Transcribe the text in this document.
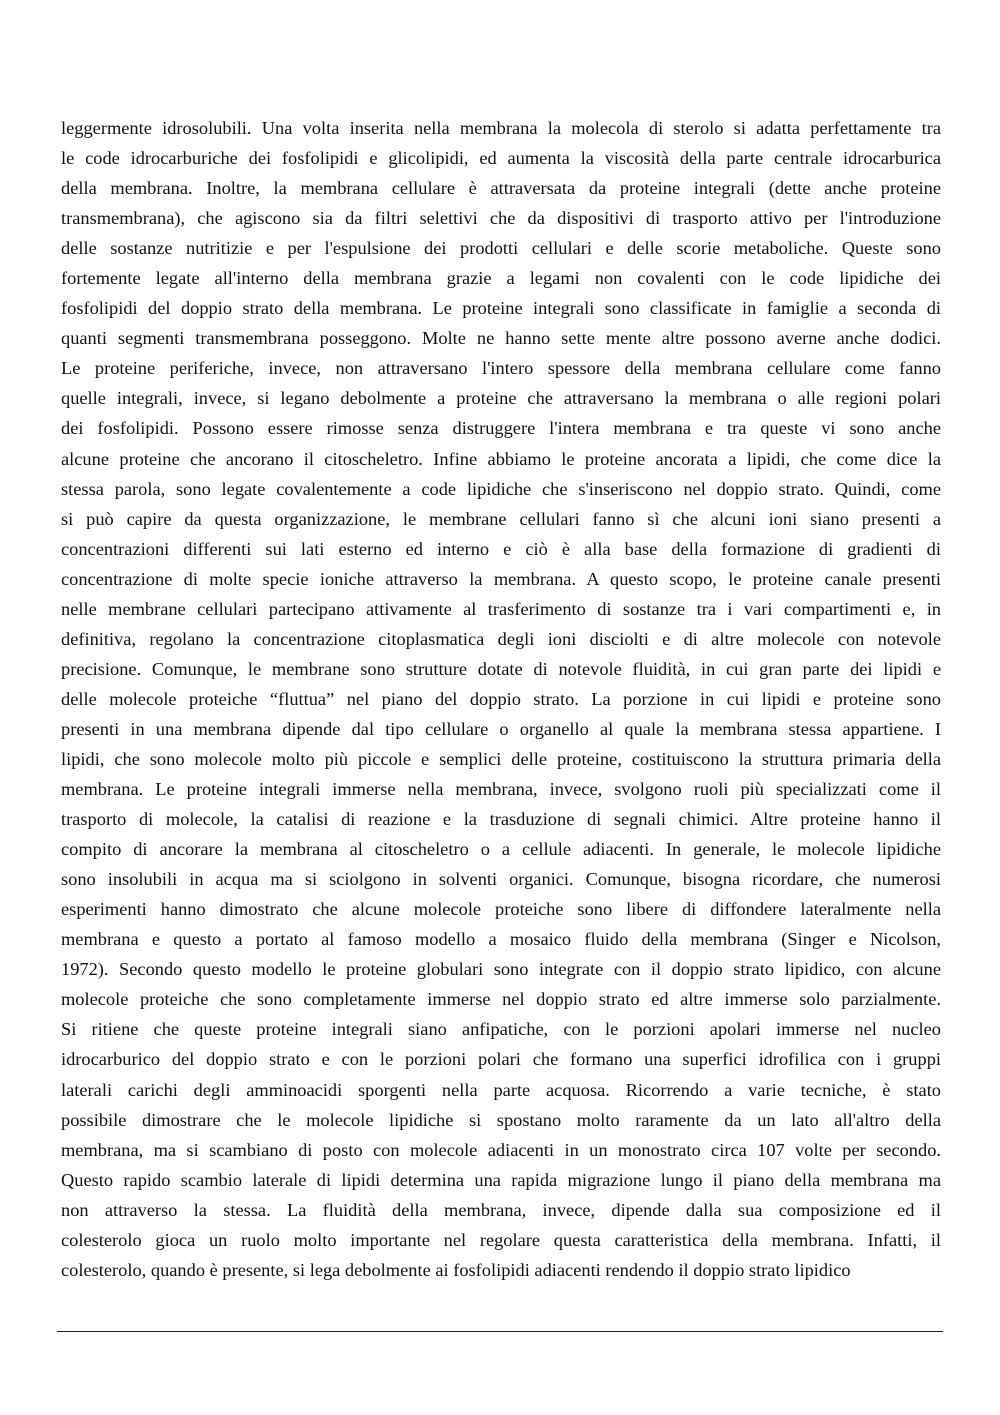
leggermente idrosolubili. Una volta inserita nella membrana la molecola di sterolo si adatta perfettamente tra
le code idrocarburiche dei fosfolipidi e glicolipidi, ed aumenta la viscosità della parte centrale idrocarburica
della membrana. Inoltre, la membrana cellulare è attraversata da proteine integrali (dette anche proteine
transmembrana), che agiscono sia da filtri selettivi che da dispositivi di trasporto attivo per l'introduzione
delle sostanze nutritizie e per l'espulsione dei prodotti cellulari e delle scorie metaboliche. Queste sono
fortemente legate all'interno della membrana grazie a legami non covalenti con le code lipidiche dei
fosfolipidi del doppio strato della membrana. Le proteine integrali sono classificate in famiglie a seconda di
quanti segmenti transmembrana posseggono. Molte ne hanno sette mente altre possono averne anche dodici.
Le proteine periferiche, invece, non attraversano l'intero spessore della membrana cellulare come fanno
quelle integrali, invece, si legano debolmente a proteine che attraversano la membrana o alle regioni polari
dei fosfolipidi. Possono essere rimosse senza distruggere l'intera membrana e tra queste vi sono anche
alcune proteine che ancorano il citoscheletro. Infine abbiamo le proteine ancorata a lipidi, che come dice la
stessa parola, sono legate covalentemente a code lipidiche che s'inseriscono nel doppio strato. Quindi, come
si può capire da questa organizzazione, le membrane cellulari fanno sì che alcuni ioni siano presenti a
concentrazioni differenti sui lati esterno ed interno e ciò è alla base della formazione di gradienti di
concentrazione di molte specie ioniche attraverso la membrana. A questo scopo, le proteine canale presenti
nelle membrane cellulari partecipano attivamente al trasferimento di sostanze tra i vari compartimenti e, in
definitiva, regolano la concentrazione citoplasmatica degli ioni disciolti e di altre molecole con notevole
precisione. Comunque, le membrane sono strutture dotate di notevole fluidità, in cui gran parte dei lipidi e
delle molecole proteiche “fluttua” nel piano del doppio strato. La porzione in cui lipidi e proteine sono
presenti in una membrana dipende dal tipo cellulare o organello al quale la membrana stessa appartiene. I
lipidi, che sono molecole molto più piccole e semplici delle proteine, costituiscono la struttura primaria della
membrana. Le proteine integrali immerse nella membrana, invece, svolgono ruoli più specializzati come il
trasporto di molecole, la catalisi di reazione e la trasduzione di segnali chimici. Altre proteine hanno il
compito di ancorare la membrana al citoscheletro o a cellule adiacenti. In generale, le molecole lipidiche
sono insolubili in acqua ma si sciolgono in solventi organici. Comunque, bisogna ricordare, che numerosi
esperimenti hanno dimostrato che alcune molecole proteiche sono libere di diffondere lateralmente nella
membrana e questo a portato al famoso modello a mosaico fluido della membrana (Singer e Nicolson,
1972). Secondo questo modello le proteine globulari sono integrate con il doppio strato lipidico, con alcune
molecole proteiche che sono completamente immerse nel doppio strato ed altre immerse solo parzialmente.
Si ritiene che queste proteine integrali siano anfipatiche, con le porzioni apolari immerse nel nucleo
idrocarburico del doppio strato e con le porzioni polari che formano una superfici idrofilica con i gruppi
laterali carichi degli amminoacidi sporgenti nella parte acquosa. Ricorrendo a varie tecniche, è stato
possibile dimostrare che le molecole lipidiche si spostano molto raramente da un lato all'altro della
membrana, ma si scambiano di posto con molecole adiacenti in un monostrato circa 107 volte per secondo.
Questo rapido scambio laterale di lipidi determina una rapida migrazione lungo il piano della membrana ma
non attraverso la stessa. La fluidità della membrana, invece, dipende dalla sua composizione ed il
colesterolo gioca un ruolo molto importante nel regolare questa caratteristica della membrana. Infatti, il
colesterolo, quando è presente, si lega debolmente ai fosfolipidi adiacenti rendendo il doppio strato lipidico
